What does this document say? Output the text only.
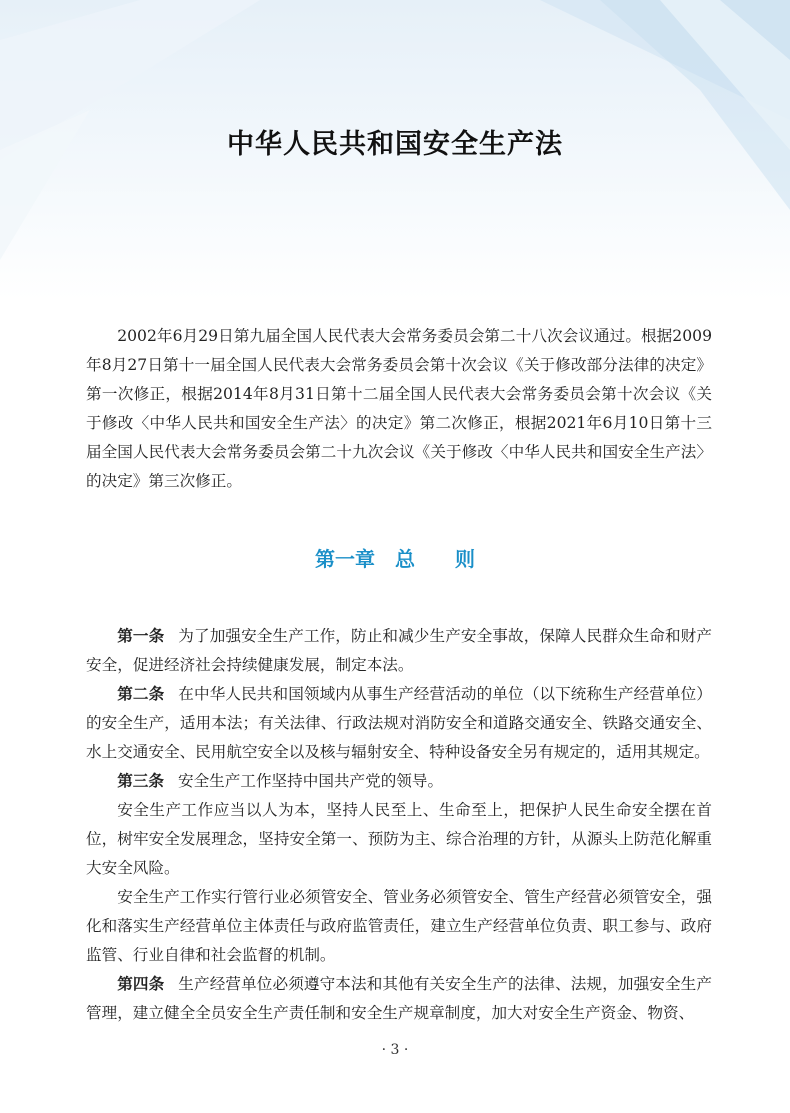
中华人民共和国安全生产法

2002年6月29日第九届全国人民代表大会常务委员会第二十八次会议通过。根据2009年8月27日第十一届全国人民代表大会常务委员会第十次会议《关于修改部分法律的决定》第一次修正，根据2014年8月31日第十二届全国人民代表大会常务委员会第十次会议《关于修改〈中华人民共和国安全生产法〉的决定》第二次修正，根据2021年6月10日第十三届全国人民代表大会常务委员会第二十九次会议《关于修改〈中华人民共和国安全生产法〉的决定》第三次修正。

第一章　总　　则

第一条 为了加强安全生产工作，防止和减少生产安全事故，保障人民群众生命和财产安全，促进经济社会持续健康发展，制定本法。

第二条 在中华人民共和国领域内从事生产经营活动的单位（以下统称生产经营单位）的安全生产，适用本法；有关法律、行政法规对消防安全和道路交通安全、铁路交通安全、水上交通安全、民用航空安全以及核与辐射安全、特种设备安全另有规定的，适用其规定。

第三条 安全生产工作坚持中国共产党的领导。

安全生产工作应当以人为本，坚持人民至上、生命至上，把保护人民生命安全摆在首位，树牢安全发展理念，坚持安全第一、预防为主、综合治理的方针，从源头上防范化解重大安全风险。

安全生产工作实行管行业必须管安全、管业务必须管安全、管生产经营必须管安全，强化和落实生产经营单位主体责任与政府监管责任，建立生产经营单位负责、职工参与、政府监管、行业自律和社会监督的机制。

第四条 生产经营单位必须遵守本法和其他有关安全生产的法律、法规，加强安全生产管理，建立健全全员安全生产责任制和安全生产规章制度，加大对安全生产资金、物资、

· 3 ·
